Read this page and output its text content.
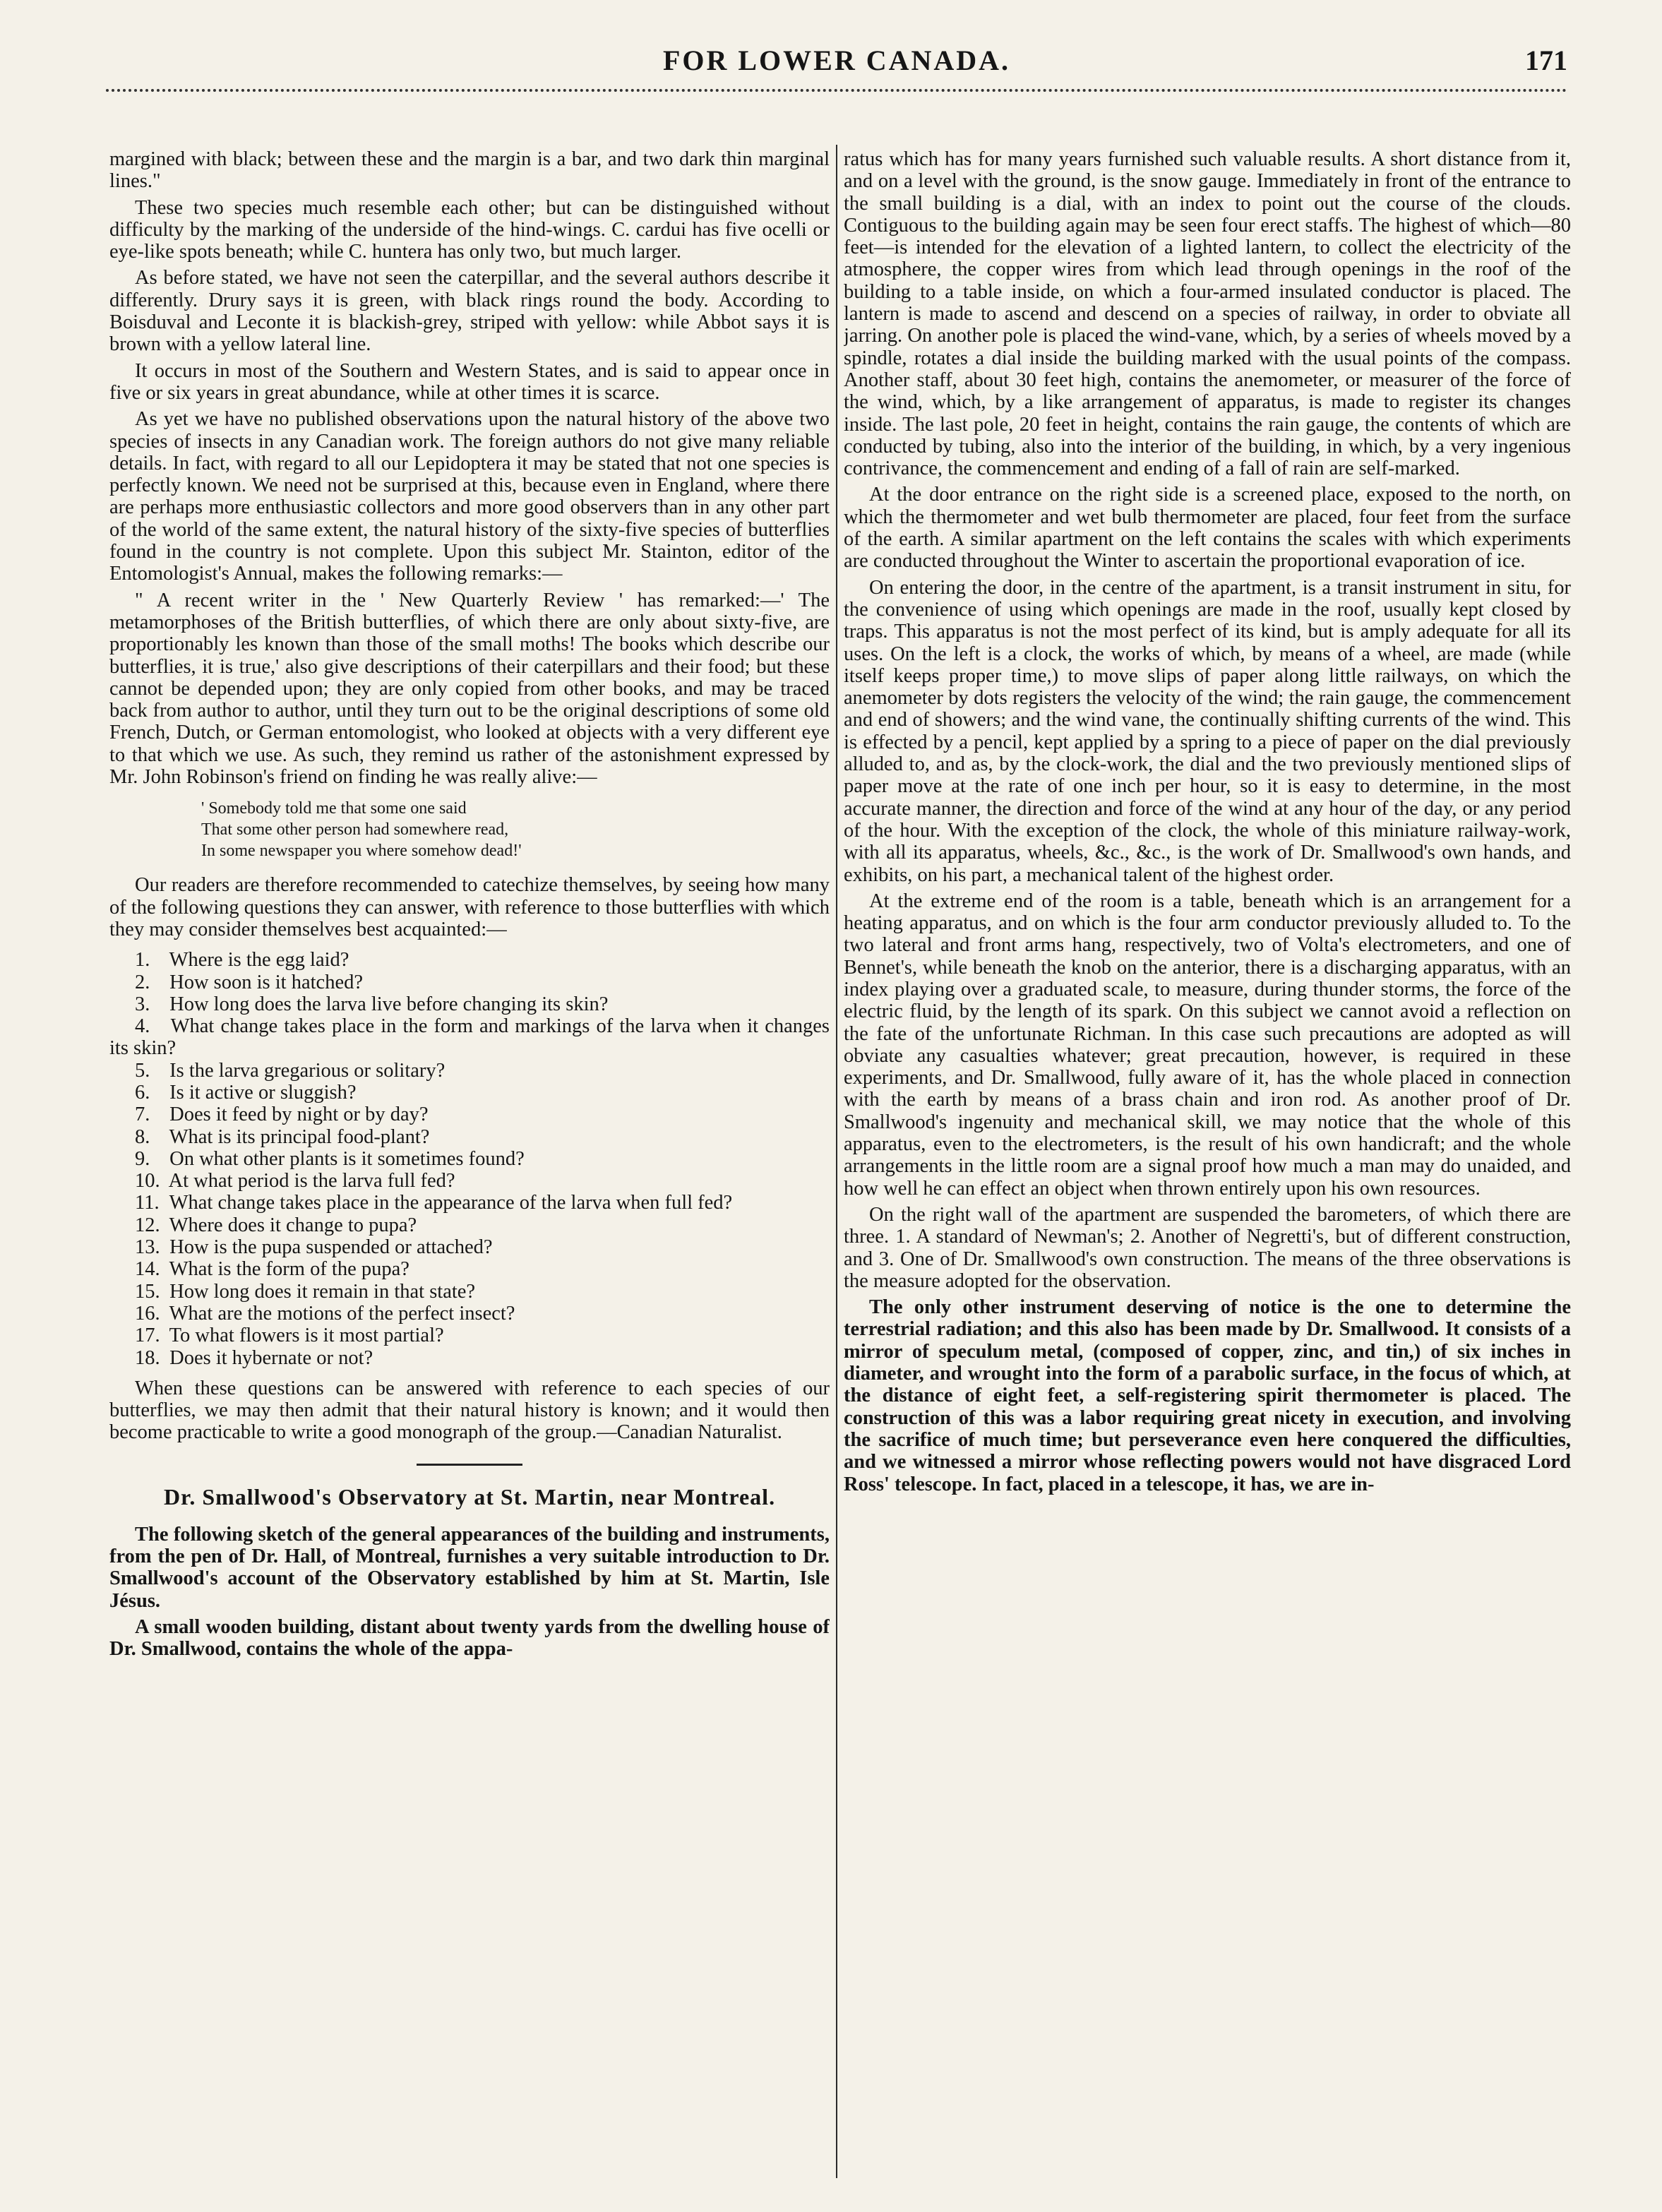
FOR LOWER CANADA.	171

margined with black; between these and the margin is a bar, and two dark thin marginal lines."

These two species much resemble each other; but can be distinguished without difficulty by the marking of the underside of the hind-wings. C. cardui has five ocelli or eye-like spots beneath; while C. huntera has only two, but much larger.

As before stated, we have not seen the caterpillar, and the several authors describe it differently. Drury says it is green, with black rings round the body. According to Boisduval and Leconte it is blackish-grey, striped with yellow: while Abbot says it is brown with a yellow lateral line.

It occurs in most of the Southern and Western States, and is said to appear once in five or six years in great abundance, while at other times it is scarce.

As yet we have no published observations upon the natural history of the above two species of insects in any Canadian work. The foreign authors do not give many reliable details. In fact, with regard to all our Lepidoptera it may be stated that not one species is perfectly known. We need not be surprised at this, because even in England, where there are perhaps more enthusiastic collectors and more good observers than in any other part of the world of the same extent, the natural history of the sixty-five species of butterflies found in the country is not complete. Upon this subject Mr. Stainton, editor of the Entomologist's Annual, makes the following remarks:—

" A recent writer in the ' New Quarterly Review ' has remarked:—' The metamorphoses of the British butterflies, of which there are only about sixty-five, are proportionably les known than those of the small moths! The books which describe our butterflies, it is true,' also give descriptions of their caterpillars and their food; but these cannot be depended upon; they are only copied from other books, and may be traced back from author to author, until they turn out to be the original descriptions of some old French, Dutch, or German entomologist, who looked at objects with a very different eye to that which we use. As such, they remind us rather of the astonishment expressed by Mr. John Robinson's friend on finding he was really alive:—

' Somebody told me that some one said
That some other person had somewhere read,
In some newspaper you where somehow dead!'

Our readers are therefore recommended to catechize themselves, by seeing how many of the following questions they can answer, with reference to those butterflies with which they may consider themselves best acquainted:—

1. Where is the egg laid?
2. How soon is it hatched?
3. How long does the larva live before changing its skin?
4. What change takes place in the form and markings of the larva when it changes its skin?
5. Is the larva gregarious or solitary?
6. Is it active or sluggish?
7. Does it feed by night or by day?
8. What is its principal food-plant?
9. On what other plants is it sometimes found?
10. At what period is the larva full fed?
11. What change takes place in the appearance of the larva when full fed?
12. Where does it change to pupa?
13. How is the pupa suspended or attached?
14. What is the form of the pupa?
15. How long does it remain in that state?
16. What are the motions of the perfect insect?
17. To what flowers is it most partial?
18. Does it hybernate or not?

When these questions can be answered with reference to each species of our butterflies, we may then admit that their natural history is known; and it would then become practicable to write a good monograph of the group.—Canadian Naturalist.

Dr. Smallwood's Observatory at St. Martin, near Montreal.

The following sketch of the general appearances of the building and instruments, from the pen of Dr. Hall, of Montreal, furnishes a very suitable introduction to Dr. Smallwood's account of the Observatory established by him at St. Martin, Isle Jésus.

A small wooden building, distant about twenty yards from the dwelling house of Dr. Smallwood, contains the whole of the appa-

ratus which has for many years furnished such valuable results. A short distance from it, and on a level with the ground, is the snow gauge. Immediately in front of the entrance to the small building is a dial, with an index to point out the course of the clouds. Contiguous to the building again may be seen four erect staffs. The highest of which—80 feet—is intended for the elevation of a lighted lantern, to collect the electricity of the atmosphere, the copper wires from which lead through openings in the roof of the building to a table inside, on which a four-armed insulated conductor is placed. The lantern is made to ascend and descend on a species of railway, in order to obviate all jarring. On another pole is placed the wind-vane, which, by a series of wheels moved by a spindle, rotates a dial inside the building marked with the usual points of the compass. Another staff, about 30 feet high, contains the anemometer, or measurer of the force of the wind, which, by a like arrangement of apparatus, is made to register its changes inside. The last pole, 20 feet in height, contains the rain gauge, the contents of which are conducted by tubing, also into the interior of the building, in which, by a very ingenious contrivance, the commencement and ending of a fall of rain are self-marked.

At the door entrance on the right side is a screened place, exposed to the north, on which the thermometer and wet bulb thermometer are placed, four feet from the surface of the earth. A similar apartment on the left contains the scales with which experiments are conducted throughout the Winter to ascertain the proportional evaporation of ice.

On entering the door, in the centre of the apartment, is a transit instrument in situ, for the convenience of using which openings are made in the roof, usually kept closed by traps. This apparatus is not the most perfect of its kind, but is amply adequate for all its uses. On the left is a clock, the works of which, by means of a wheel, are made (while itself keeps proper time,) to move slips of paper along little railways, on which the anemometer by dots registers the velocity of the wind; the rain gauge, the commencement and end of showers; and the wind vane, the continually shifting currents of the wind. This is effected by a pencil, kept applied by a spring to a piece of paper on the dial previously alluded to, and as, by the clock-work, the dial and the two previously mentioned slips of paper move at the rate of one inch per hour, so it is easy to determine, in the most accurate manner, the direction and force of the wind at any hour of the day, or any period of the hour. With the exception of the clock, the whole of this miniature railway-work, with all its apparatus, wheels, &c., &c., is the work of Dr. Smallwood's own hands, and exhibits, on his part, a mechanical talent of the highest order.

At the extreme end of the room is a table, beneath which is an arrangement for a heating apparatus, and on which is the four arm conductor previously alluded to. To the two lateral and front arms hang, respectively, two of Volta's electrometers, and one of Bennet's, while beneath the knob on the anterior, there is a discharging apparatus, with an index playing over a graduated scale, to measure, during thunder storms, the force of the electric fluid, by the length of its spark. On this subject we cannot avoid a reflection on the fate of the unfortunate Richman. In this case such precautions are adopted as will obviate any casualties whatever; great precaution, however, is required in these experiments, and Dr. Smallwood, fully aware of it, has the whole placed in connection with the earth by means of a brass chain and iron rod. As another proof of Dr. Smallwood's ingenuity and mechanical skill, we may notice that the whole of this apparatus, even to the electrometers, is the result of his own handicraft; and the whole arrangements in the little room are a signal proof how much a man may do unaided, and how well he can effect an object when thrown entirely upon his own resources.

On the right wall of the apartment are suspended the barometers, of which there are three. 1. A standard of Newman's; 2. Another of Negretti's, but of different construction, and 3. One of Dr. Smallwood's own construction. The means of the three observations is the measure adopted for the observation.

The only other instrument deserving of notice is the one to determine the terrestrial radiation; and this also has been made by Dr. Smallwood. It consists of a mirror of speculum metal, (composed of copper, zinc, and tin,) of six inches in diameter, and wrought into the form of a parabolic surface, in the focus of which, at the distance of eight feet, a self-registering spirit thermometer is placed. The construction of this was a labor requiring great nicety in execution, and involving the sacrifice of much time; but perseverance even here conquered the difficulties, and we witnessed a mirror whose reflecting powers would not have disgraced Lord Ross' telescope. In fact, placed in a telescope, it has, we are in-
